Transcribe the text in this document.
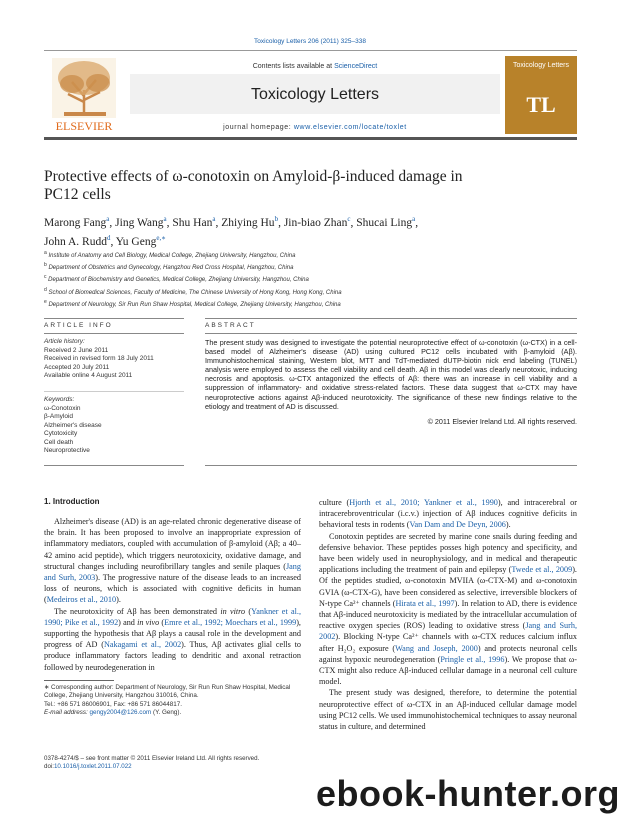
Toxicology Letters 206 (2011) 325–338
ELSEVIER
Contents lists available at ScienceDirect
Toxicology Letters
journal homepage: www.elsevier.com/locate/toxlet
Toxicology Letters
TL
Protective effects of ω-conotoxin on Amyloid-β-induced damage in PC12 cells
Marong Fang$^a$, Jing Wang$^a$, Shu Han$^a$, Zhiying Hu$^b$, Jin-biao Zhan$^c$, Shucai Ling$^a$,
John A. Rudd$^d$, Yu Geng$^{e,∗}$
$^a$ Institute of Anatomy and Cell Biology, Medical College, Zhejiang University, Hangzhou, China
$^b$ Department of Obstetrics and Gynecology, Hangzhou Red Cross Hospital, Hangzhou, China
$^c$ Department of Biochemistry and Genetics, Medical College, Zhejiang University, Hangzhou, China
$^d$ School of Biomedical Sciences, Faculty of Medicine, The Chinese University of Hong Kong, Hong Kong, China
$^e$ Department of Neurology, Sir Run Run Shaw Hospital, Medical College, Zhejiang University, Hangzhou, China
ARTICLE INFO
Article history:
Received 2 June 2011
Received in revised form 18 July 2011
Accepted 20 July 2011
Available online 4 August 2011
Keywords:
ω-Conotoxin
β-Amyloid
Alzheimer's disease
Cytotoxicity
Cell death
Neuroprotective
ABSTRACT
The present study was designed to investigate the potential neuroprotective effect of ω-conotoxin (ω-CTX) in a cell-based model of Alzheimer's disease (AD) using cultured PC12 cells incubated with β-amyloid (Aβ). Immunohistochemical staining, Western blot, MTT and TdT-mediated dUTP-biotin nick end labeling (TUNEL) analysis were employed to assess the cell viability and cell death. Aβ in this model was clearly neurotoxic, inducing necrosis and apoptosis. ω-CTX antagonized the effects of Aβ: there was an increase in cell viability and a suppression of inflammatory- and oxidative stress-related factors. These data suggest that ω-CTX may have neuroprotective actions against Aβ-induced neurotoxicity. The significance of these new findings relative to the etiology and treatment of AD is discussed.
© 2011 Elsevier Ireland Ltd. All rights reserved.
1. Introduction

Alzheimer's disease (AD) is an age-related chronic degenerative disease of the brain. It has been proposed to involve an inappropriate expression of inflammatory mediators, coupled with accumulation of β-amyloid (Aβ; a 40–42 amino acid peptide), which triggers neurotoxicity, oxidative damage, and structural changes including neurofibrillary tangles and senile plaques (Jang and Surh, 2003). The progressive nature of the disease leads to an increased loss of neurons, which is associated with cognitive deficits in human (Medeiros et al., 2010).

The neurotoxicity of Aβ has been demonstrated in vitro (Yankner et al., 1990; Pike et al., 1992) and in vivo (Emre et al., 1992; Moechars et al., 1999), supporting the hypothesis that Aβ plays a causal role in the development and progress of AD (Nakagami et al., 2002). Thus, Aβ activates glial cells to produce inflammatory factors leading to dendritic and axonal retraction followed by neurodegeneration in

culture (Hjorth et al., 2010; Yankner et al., 1990), and intracerebral or intracerebroventricular (i.c.v.) injection of Aβ induces cognitive deficits in behavioral tests in rodents (Van Dam and De Deyn, 2006).

Conotoxin peptides are secreted by marine cone snails during feeding and defensive behavior. These peptides posses high potency and specificity, and have been widely used in neurophysiology, and in medical and therapeutic applications including the treatment of pain and epilepsy (Twede et al., 2009). Of the peptides studied, ω-conotoxin MVIIA (ω-CTX-M) and ω-conotoxin GVIA (ω-CTX-G), have been considered as selective, irreversible blockers of N-type Ca²⁺ channels (Hirata et al., 1997). In relation to AD, there is evidence that Aβ-induced neurotoxicity is mediated by the intracellular accumulation of reactive oxygen species (ROS) leading to oxidative stress (Jang and Surh, 2002). Blocking N-type Ca²⁺ channels with ω-CTX reduces calcium influx after H₂O₂ exposure (Wang and Joseph, 2000) and protects neuronal cells against hypoxic neurodegeneration (Pringle et al., 1996). We propose that ω-CTX might also reduce Aβ-induced cellular damage in a neuronal cell culture model.

The present study was designed, therefore, to determine the potential neuroprotective effect of ω-CTX in an Aβ-induced cellular damage model using PC12 cells. We used immunohistochemical techniques to assay neuronal status in culture, and determined

∗ Corresponding author: Department of Neurology, Sir Run Run Shaw Hospital, Medical College, Zhejiang University, Hangzhou 310016, China.
Tel.: +86 571 86006901, Fax: +86 571 86044817.
E-mail address: gengy2004@126.com (Y. Geng).
0378-4274/$ – see front matter © 2011 Elsevier Ireland Ltd. All rights reserved.
doi:10.1016/j.toxlet.2011.07.022
ebook-hunter.org
